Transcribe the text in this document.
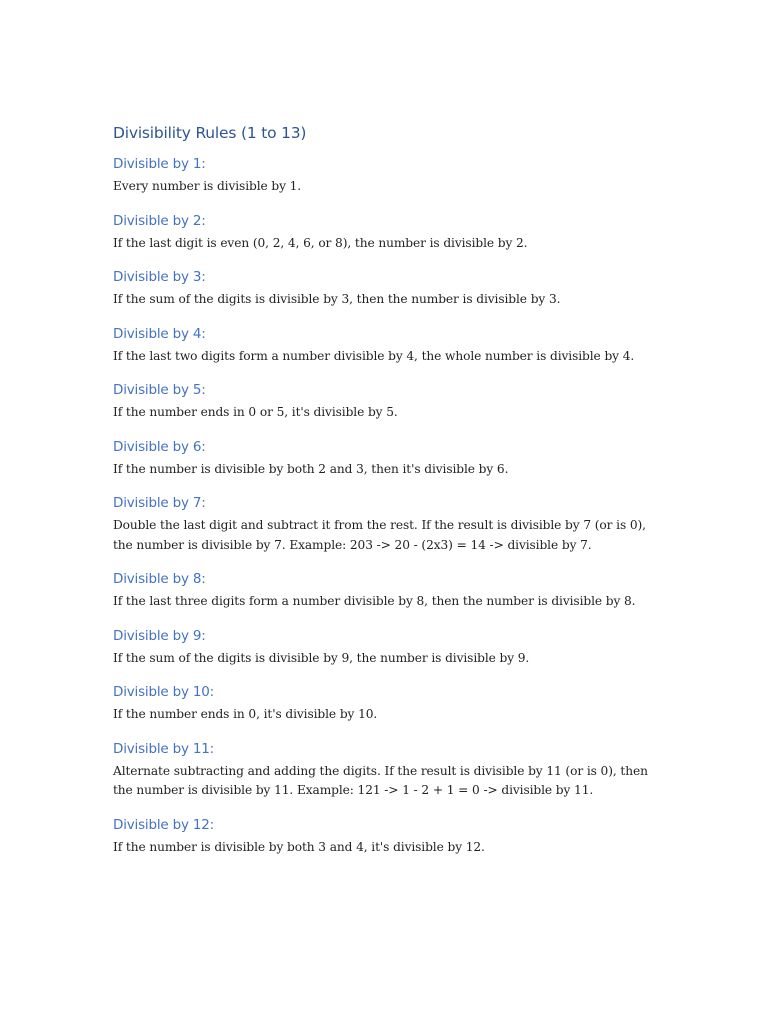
Divisibility Rules (1 to 13)
Divisible by 1:

Every number is divisible by 1.

Divisible by 2:

If the last digit is even (0, 2, 4, 6, or 8), the number is divisible by 2.

Divisible by 3:

If the sum of the digits is divisible by 3, then the number is divisible by 3.

Divisible by 4:

If the last two digits form a number divisible by 4, the whole number is divisible by 4.

Divisible by 5:

If the number ends in 0 or 5, it's divisible by 5.

Divisible by 6:

If the number is divisible by both 2 and 3, then it's divisible by 6.

Divisible by 7:

Double the last digit and subtract it from the rest. If the result is divisible by 7 (or is 0), the number is divisible by 7. Example: 203 -> 20 - (2x3) = 14 -> divisible by 7.

Divisible by 8:

If the last three digits form a number divisible by 8, then the number is divisible by 8.

Divisible by 9:

If the sum of the digits is divisible by 9, the number is divisible by 9.

Divisible by 10:

If the number ends in 0, it's divisible by 10.

Divisible by 11:

Alternate subtracting and adding the digits. If the result is divisible by 11 (or is 0), then the number is divisible by 11. Example: 121 -> 1 - 2 + 1 = 0 -> divisible by 11.

Divisible by 12:

If the number is divisible by both 3 and 4, it's divisible by 12.
